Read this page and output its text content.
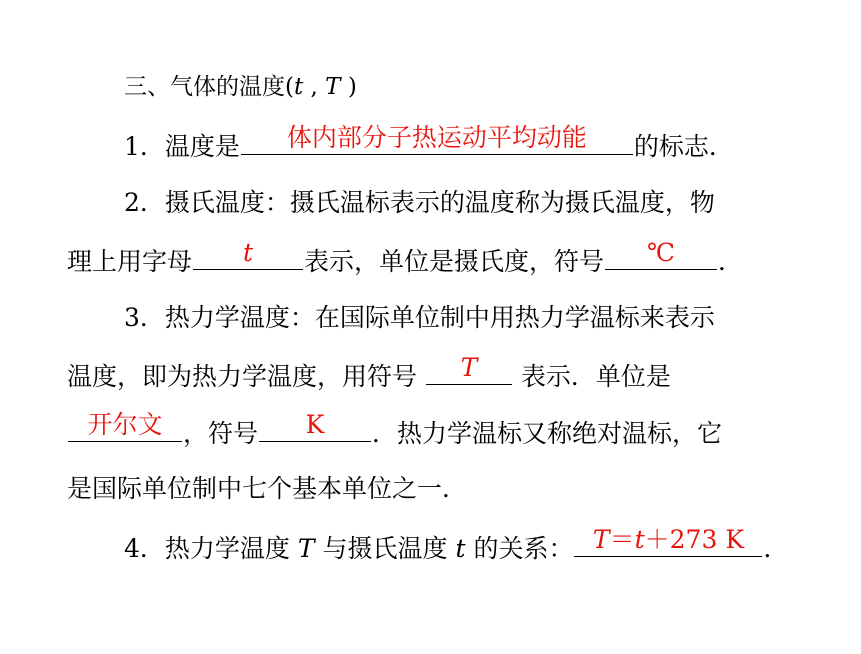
三、气体的温度(t , T )
1．温度是	体内部分子热运动平均动能	的标志．
2．摄氏温度：摄氏温标表示的温度称为摄氏温度，物
理上用字母	t	表示，单位是摄氏度，符号	℃	．
3．热力学温度：在国际单位制中用热力学温标来表示
温度，即为热力学温度，用符号	T	表示．单位是
开尔文 ，符号	K	．热力学温标又称绝对温标，它
是国际单位制中七个基本单位之一．
4．热力学温度 T 与摄氏温度 t 的关系： T＝t＋273 K ．
